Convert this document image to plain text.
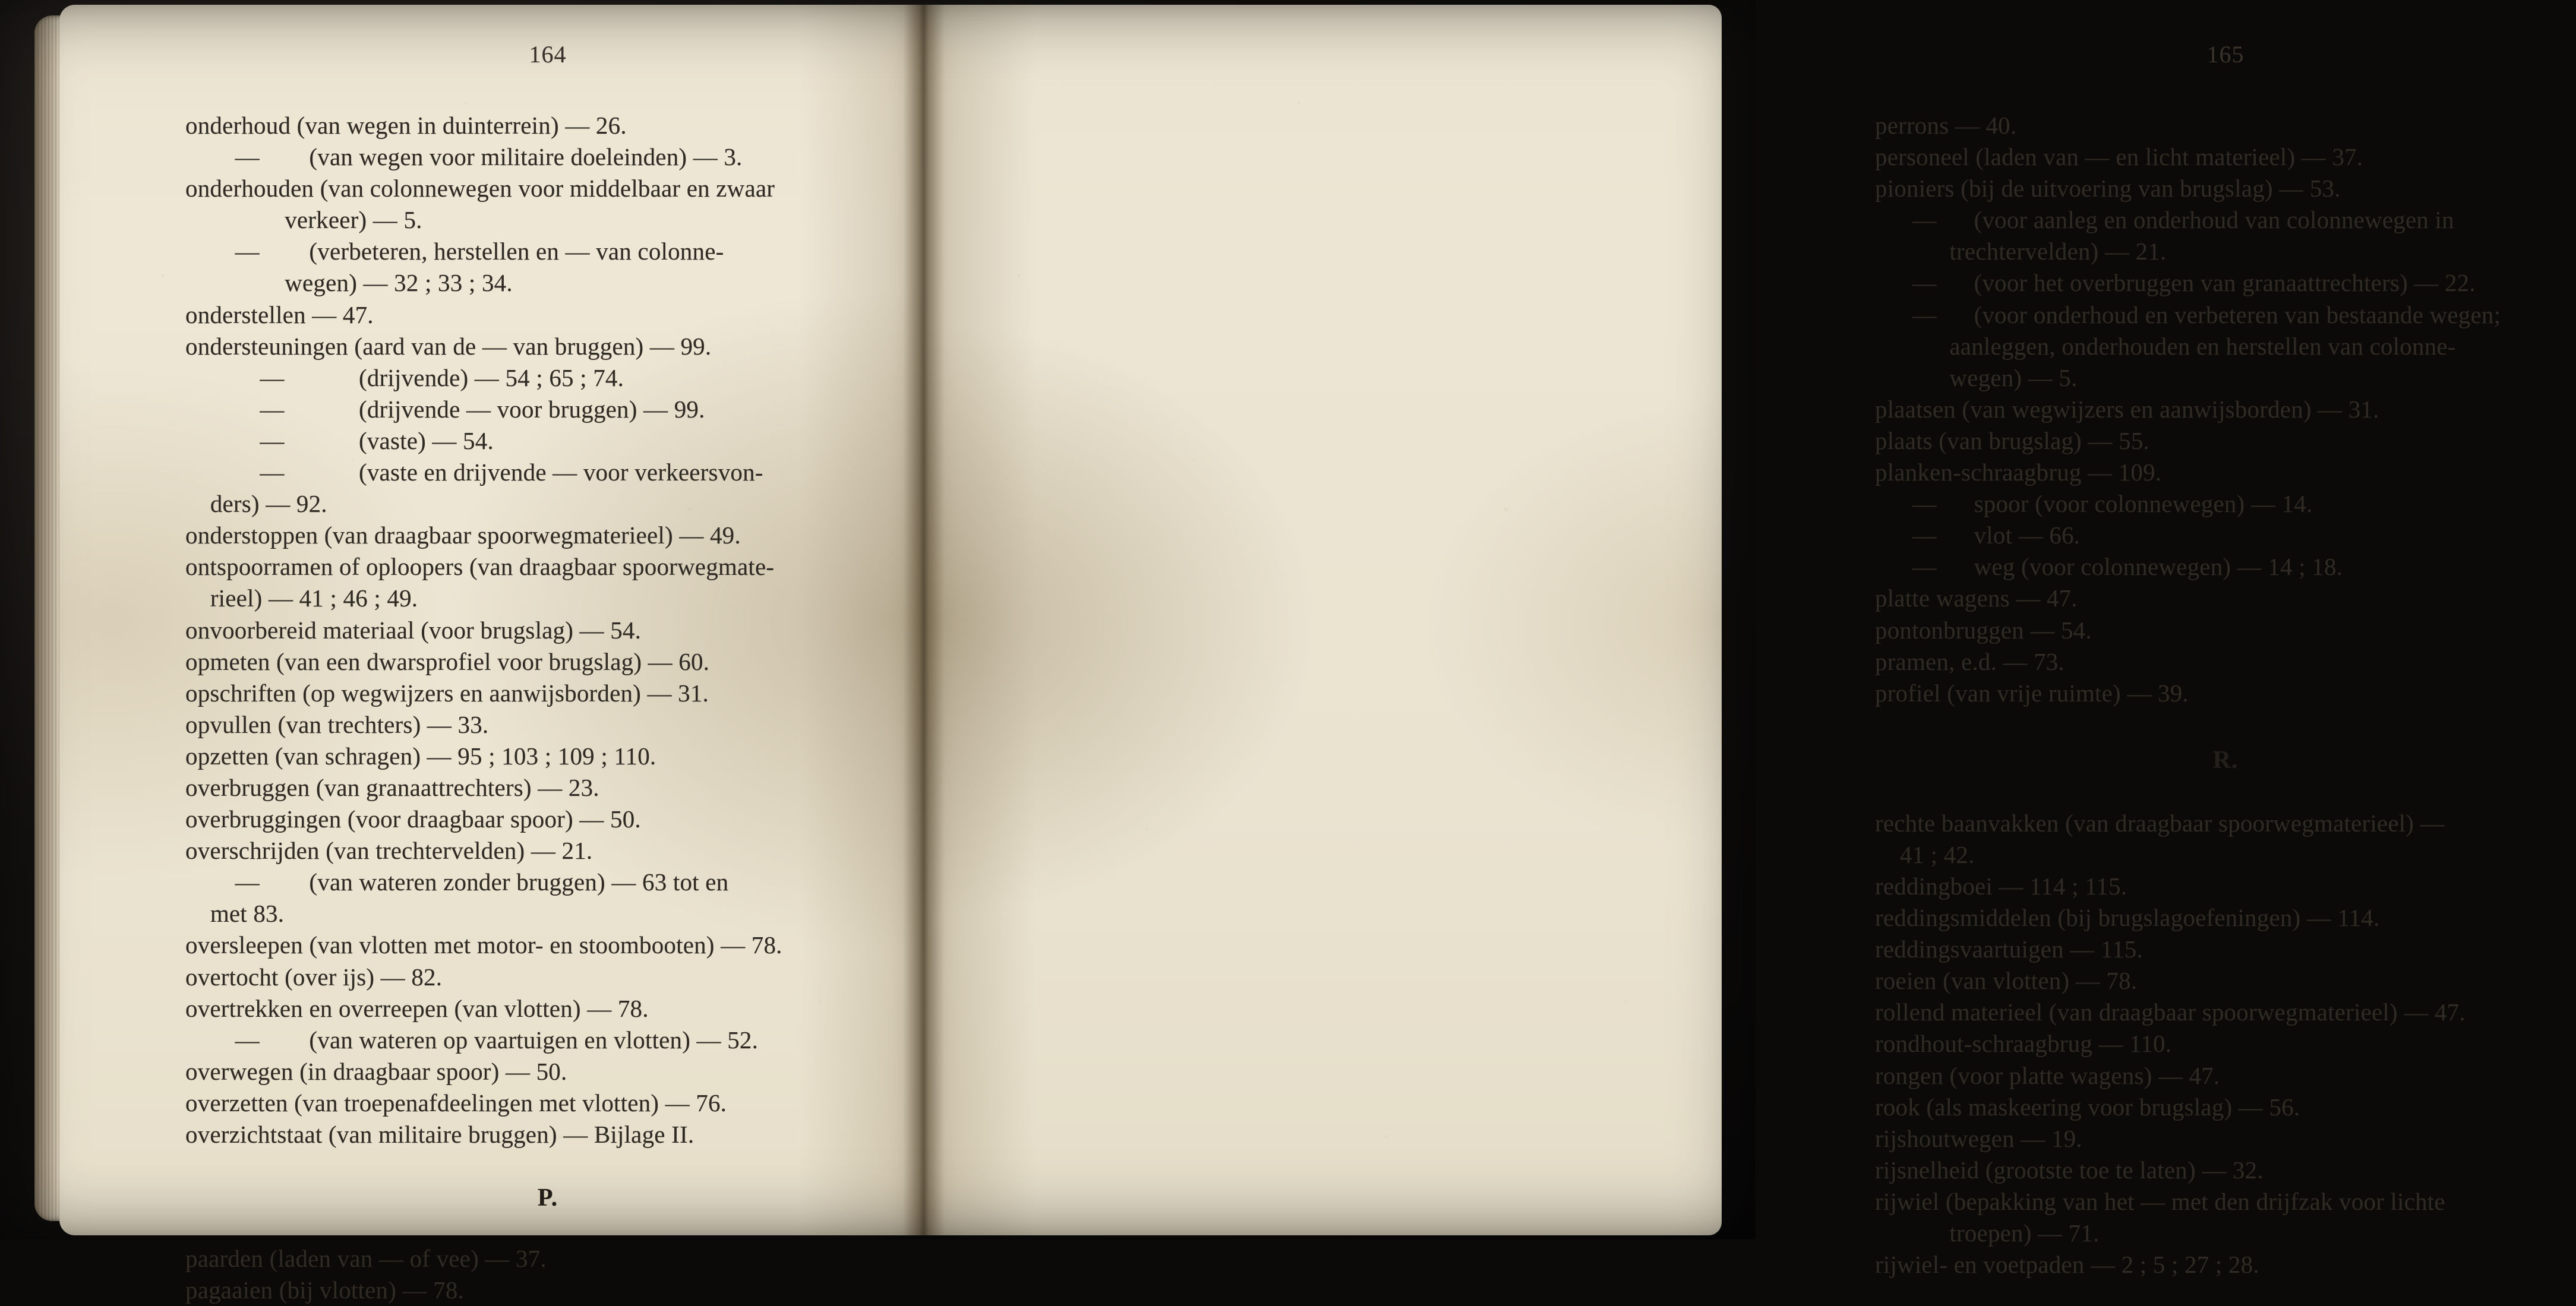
164
onderhoud (van wegen in duinterrein) — 26.
—        (van wegen voor militaire doeleinden) — 3.
onderhouden (van colonnewegen voor middelbaar en zwaar
verkeer) — 5.
—        (verbeteren, herstellen en — van colonne-
wegen) — 32 ; 33 ; 34.
onderstellen — 47.
ondersteuningen (aard van de — van bruggen) — 99.
—            (drijvende) — 54 ; 65 ; 74.
—            (drijvende — voor bruggen) — 99.
—            (vaste) — 54.
—            (vaste en drijvende — voor verkeersvon-
ders) — 92.
onderstoppen (van draagbaar spoorwegmaterieel) — 49.
ontspoorramen of oploopers (van draagbaar spoorwegmate-
rieel) — 41 ; 46 ; 49.
onvoorbereid materiaal (voor brugslag) — 54.
opmeten (van een dwarsprofiel voor brugslag) — 60.
opschriften (op wegwijzers en aanwijsborden) — 31.
opvullen (van trechters) — 33.
opzetten (van schragen) — 95 ; 103 ; 109 ; 110.
overbruggen (van granaattrechters) — 23.
overbruggingen (voor draagbaar spoor) — 50.
overschrijden (van trechtervelden) — 21.
—        (van wateren zonder bruggen) — 63 tot en
met 83.
oversleepen (van vlotten met motor- en stoombooten) — 78.
overtocht (over ijs) — 82.
overtrekken en overreepen (van vlotten) — 78.
—        (van wateren op vaartuigen en vlotten) — 52.
overwegen (in draagbaar spoor) — 50.
overzetten (van troepenafdeelingen met vlotten) — 76.
overzichtstaat (van militaire bruggen) — Bijlage II.
P.
paarden (laden van — of vee) — 37.
pagaaien (bij vlotten) — 78.
165
perrons — 40.
personeel (laden van — en licht materieel) — 37.
pioniers (bij de uitvoering van brugslag) — 53.
—      (voor aanleg en onderhoud van colonnewegen in
trechtervelden) — 21.
—      (voor het overbruggen van granaattrechters) — 22.
—      (voor onderhoud en verbeteren van bestaande wegen;
aanleggen, onderhouden en herstellen van colonne-
wegen) — 5.
plaatsen (van wegwijzers en aanwijsborden) — 31.
plaats (van brugslag) — 55.
planken-schraagbrug — 109.
—      spoor (voor colonnewegen) — 14.
—      vlot — 66.
—      weg (voor colonnewegen) — 14 ; 18.
platte wagens — 47.
pontonbruggen — 54.
pramen, e.d. — 73.
profiel (van vrije ruimte) — 39.
R.
rechte baanvakken (van draagbaar spoorwegmaterieel) —
41 ; 42.
reddingboei — 114 ; 115.
reddingsmiddelen (bij brugslagoefeningen) — 114.
reddingsvaartuigen — 115.
roeien (van vlotten) — 78.
rollend materieel (van draagbaar spoorwegmaterieel) — 47.
rondhout-schraagbrug — 110.
rongen (voor platte wagens) — 47.
rook (als maskeering voor brugslag) — 56.
rijshoutwegen — 19.
rijsnelheid (grootste toe te laten) — 32.
rijwiel (bepakking van het — met den drijfzak voor lichte
troepen) — 71.
rijwiel- en voetpaden — 2 ; 5 ; 27 ; 28.
